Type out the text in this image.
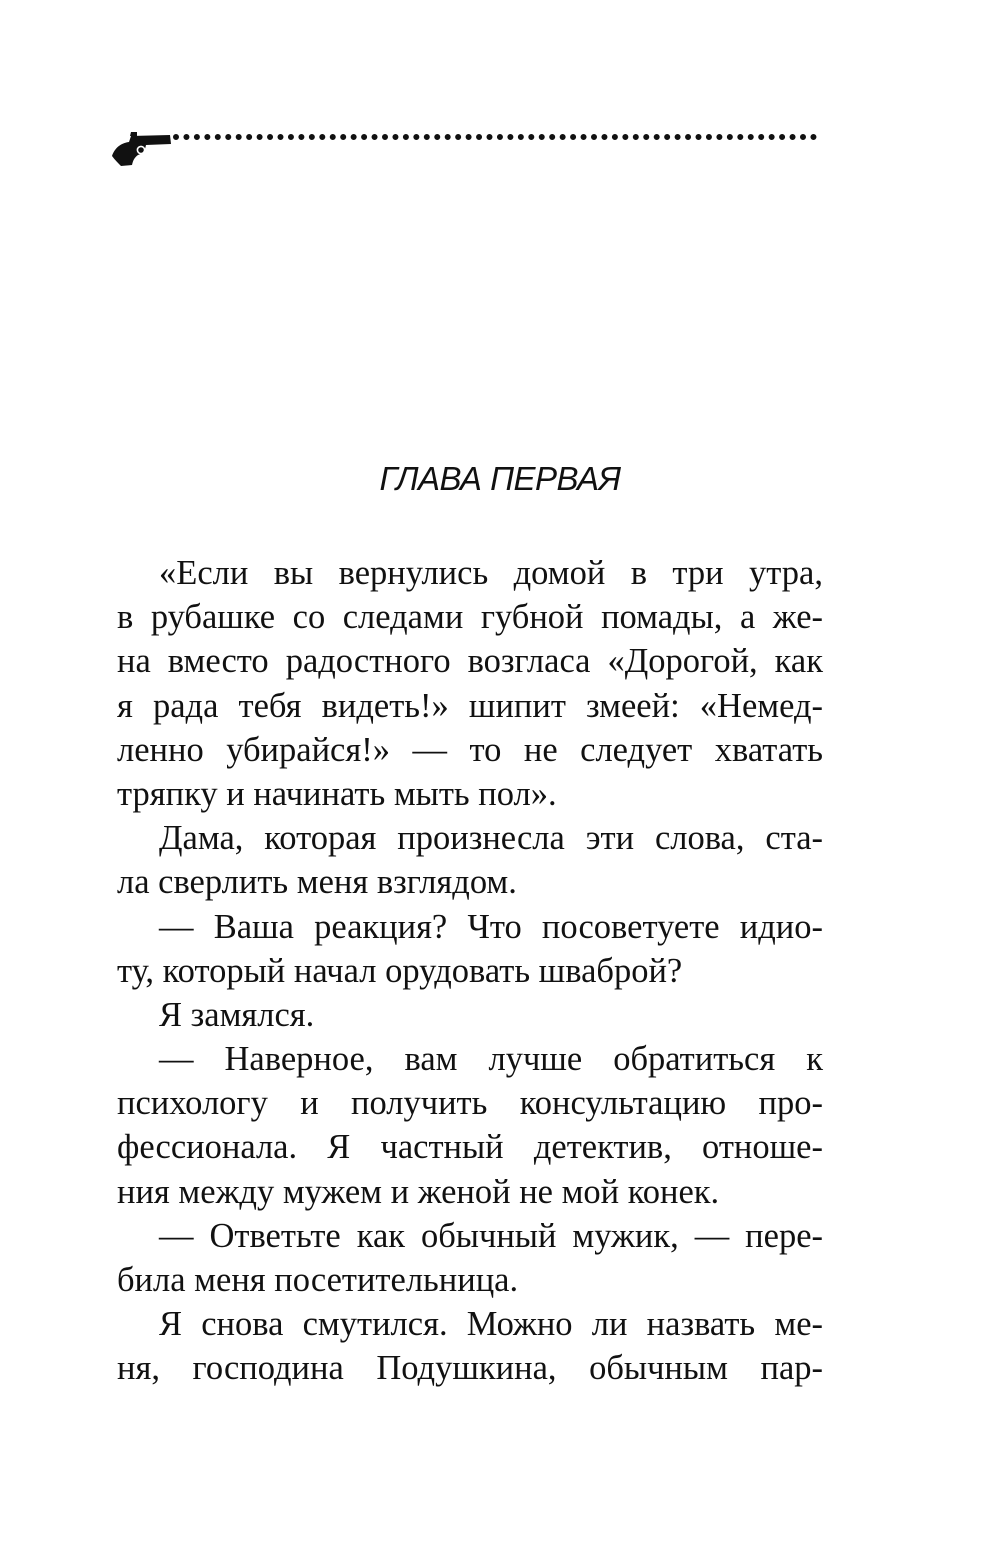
ГЛАВА ПЕРВАЯ
«Если вы вернулись домой в три утра,
в рубашке со следами губной помады, а же-
на вместо радостного возгласа «Дорогой, как
я рада тебя видеть!» шипит змеей: «Немед-
ленно убирайся!» — то не следует хватать
тряпку и начинать мыть пол».
Дама, которая произнесла эти слова, ста-
ла сверлить меня взглядом.
— Ваша реакция? Что посоветуете идио-
ту, который начал орудовать шваброй?
Я замялся.
— Наверное, вам лучше обратиться к
психологу и получить консультацию про-
фессионала. Я частный детектив, отноше-
ния между мужем и женой не мой конек.
— Ответьте как обычный мужик, — пере-
била меня посетительница.
Я снова смутился. Можно ли назвать ме-
ня, господина Подушкина, обычным пар-
